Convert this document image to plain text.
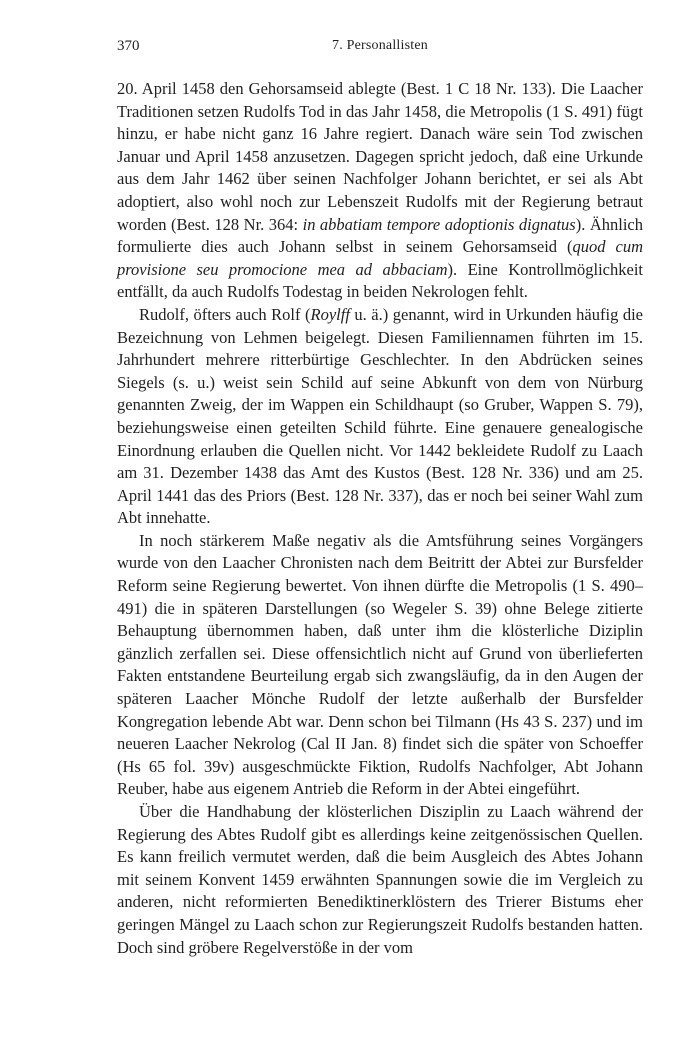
370	7. Personallisten

20. April 1458 den Gehorsamseid ablegte (Best. 1 C 18 Nr. 133). Die Laacher Traditionen setzen Rudolfs Tod in das Jahr 1458, die Metropolis (1 S. 491) fügt hinzu, er habe nicht ganz 16 Jahre regiert. Danach wäre sein Tod zwischen Januar und April 1458 anzusetzen. Dagegen spricht jedoch, daß eine Urkunde aus dem Jahr 1462 über seinen Nachfolger Johann berichtet, er sei als Abt adoptiert, also wohl noch zur Lebenszeit Rudolfs mit der Regierung betraut worden (Best. 128 Nr. 364: in abbatiam tempore adoptionis dignatus). Ähnlich formulierte dies auch Johann selbst in seinem Gehorsamseid (quod cum provisione seu promocione mea ad abbaciam). Eine Kontrollmöglichkeit entfällt, da auch Rudolfs Todestag in beiden Nekrologen fehlt.

Rudolf, öfters auch Rolf (Roylff u. ä.) genannt, wird in Urkunden häufig die Bezeichnung von Lehmen beigelegt. Diesen Familiennamen führten im 15. Jahrhundert mehrere ritterbürtige Geschlechter. In den Abdrücken seines Siegels (s. u.) weist sein Schild auf seine Abkunft von dem von Nürburg genannten Zweig, der im Wappen ein Schildhaupt (so Gruber, Wappen S. 79), beziehungsweise einen geteilten Schild führte. Eine genauere genealogische Einordnung erlauben die Quellen nicht. Vor 1442 bekleidete Rudolf zu Laach am 31. Dezember 1438 das Amt des Kustos (Best. 128 Nr. 336) und am 25. April 1441 das des Priors (Best. 128 Nr. 337), das er noch bei seiner Wahl zum Abt innehatte.

In noch stärkerem Maße negativ als die Amtsführung seines Vorgängers wurde von den Laacher Chronisten nach dem Beitritt der Abtei zur Bursfelder Reform seine Regierung bewertet. Von ihnen dürfte die Metropolis (1 S. 490–491) die in späteren Darstellungen (so Wegeler S. 39) ohne Belege zitierte Behauptung übernommen haben, daß unter ihm die klösterliche Diziplin gänzlich zerfallen sei. Diese offensichtlich nicht auf Grund von überlieferten Fakten entstandene Beurteilung ergab sich zwangsläufig, da in den Augen der späteren Laacher Mönche Rudolf der letzte außerhalb der Bursfelder Kongregation lebende Abt war. Denn schon bei Tilmann (Hs 43 S. 237) und im neueren Laacher Nekrolog (Cal II Jan. 8) findet sich die später von Schoeffer (Hs 65 fol. 39v) ausgeschmückte Fiktion, Rudolfs Nachfolger, Abt Johann Reuber, habe aus eigenem Antrieb die Reform in der Abtei eingeführt.

Über die Handhabung der klösterlichen Disziplin zu Laach während der Regierung des Abtes Rudolf gibt es allerdings keine zeitgenössischen Quellen. Es kann freilich vermutet werden, daß die beim Ausgleich des Abtes Johann mit seinem Konvent 1459 erwähnten Spannungen sowie die im Vergleich zu anderen, nicht reformierten Benediktinerklöstern des Trierer Bistums eher geringen Mängel zu Laach schon zur Regierungszeit Rudolfs bestanden hatten. Doch sind gröbere Regelverstöße in der vom
